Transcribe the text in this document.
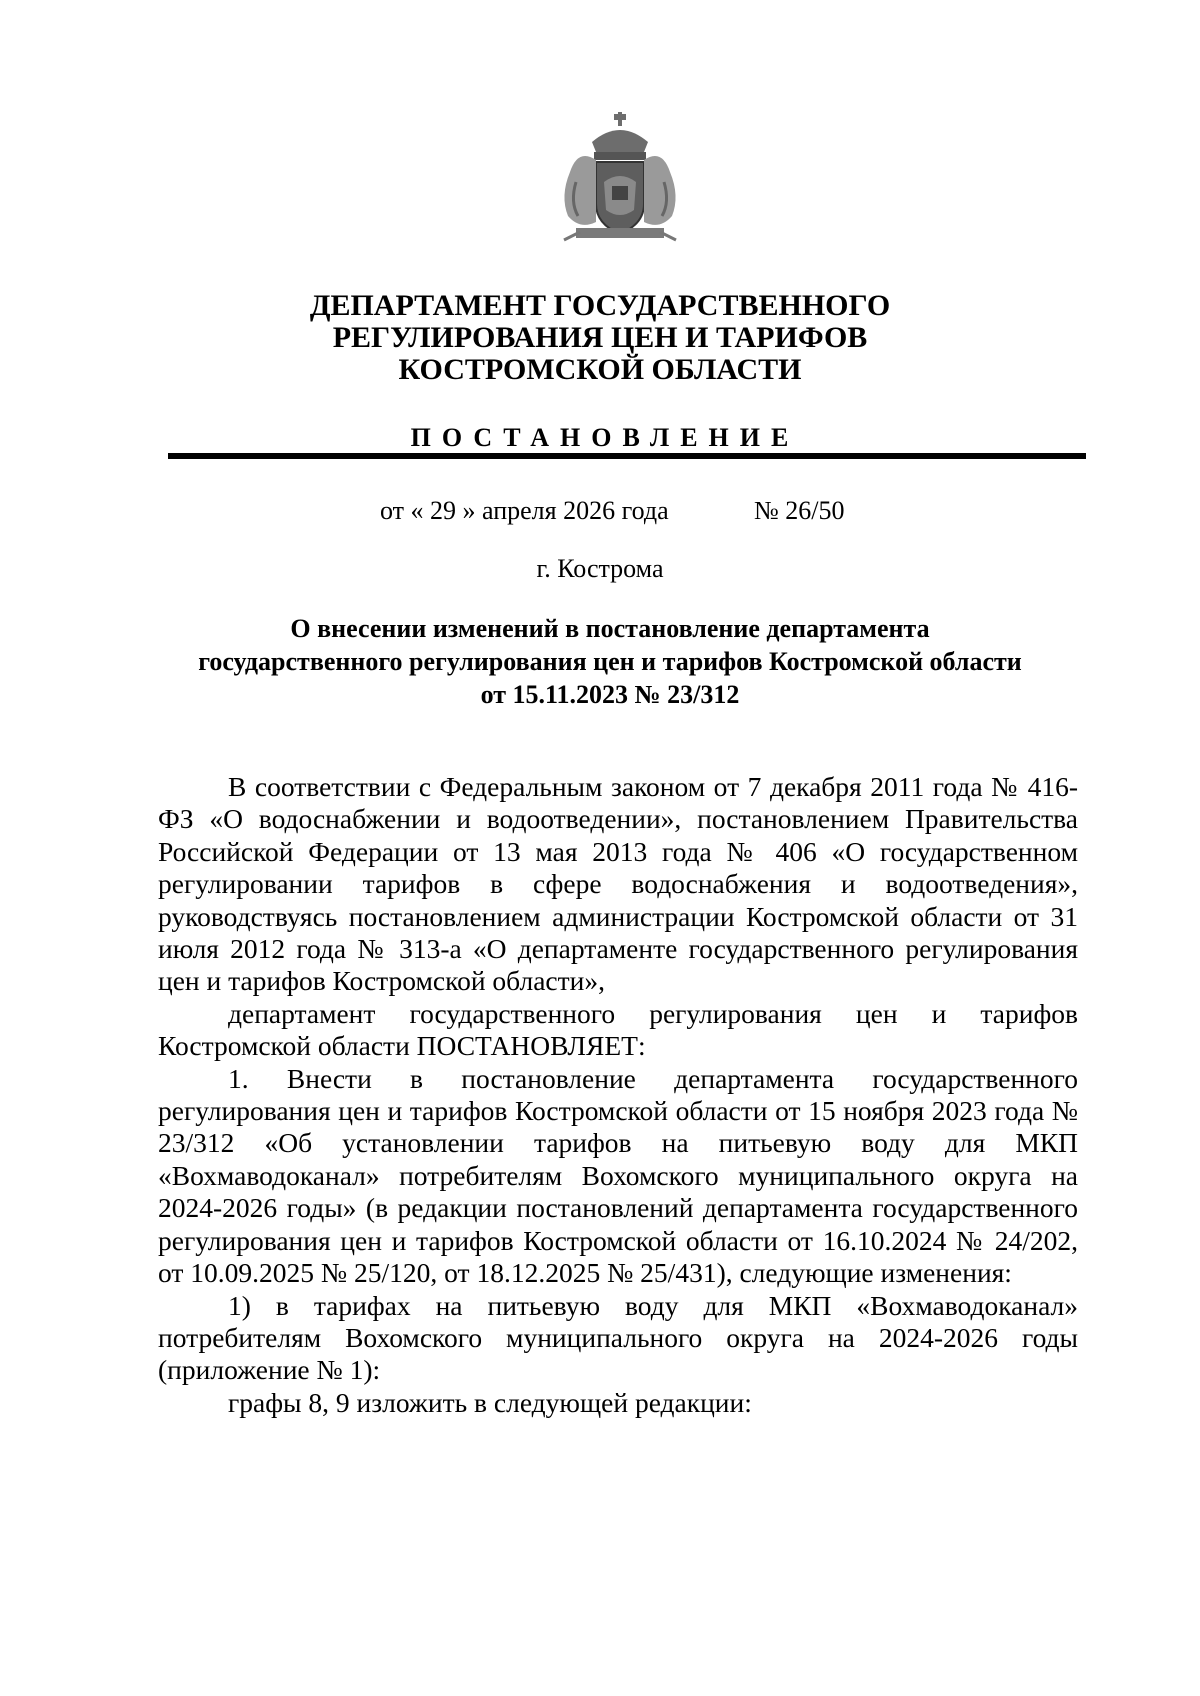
ДЕПАРТАМЕНТ ГОСУДАРСТВЕННОГО
РЕГУЛИРОВАНИЯ ЦЕН И ТАРИФОВ
КОСТРОМСКОЙ ОБЛАСТИ
ПОСТАНОВЛЕНИЕ
от « 29 » апреля 2026 года	№ 26/50
г. Кострома
О внесении изменений в постановление департамента
государственного регулирования цен и тарифов Костромской области
от 15.11.2023 № 23/312

В соответствии с Федеральным законом от 7 декабря 2011 года № 416-ФЗ «О водоснабжении и водоотведении», постановлением Правительства Российской Федерации от 13 мая 2013 года № 406 «О государственном регулировании тарифов в сфере водоснабжения и водоотведения», руководствуясь постановлением администрации Костромской области от 31 июля 2012 года № 313-а «О департаменте государственного регулирования цен и тарифов Костромской области»,

департамент государственного регулирования цен и тарифов Костромской области ПОСТАНОВЛЯЕТ:

1. Внести в постановление департамента государственного регулирования цен и тарифов Костромской области от 15 ноября 2023 года № 23/312 «Об установлении тарифов на питьевую воду для МКП «Вохмаводоканал» потребителям Вохомского муниципального округа на 2024-2026 годы» (в редакции постановлений департамента государственного регулирования цен и тарифов Костромской области от 16.10.2024 № 24/202, от 10.09.2025 № 25/120, от 18.12.2025 № 25/431), следующие изменения:

1) в тарифах на питьевую воду для МКП «Вохмаводоканал» потребителям Вохомского муниципального округа на 2024-2026 годы (приложение № 1):

графы 8, 9 изложить в следующей редакции:
